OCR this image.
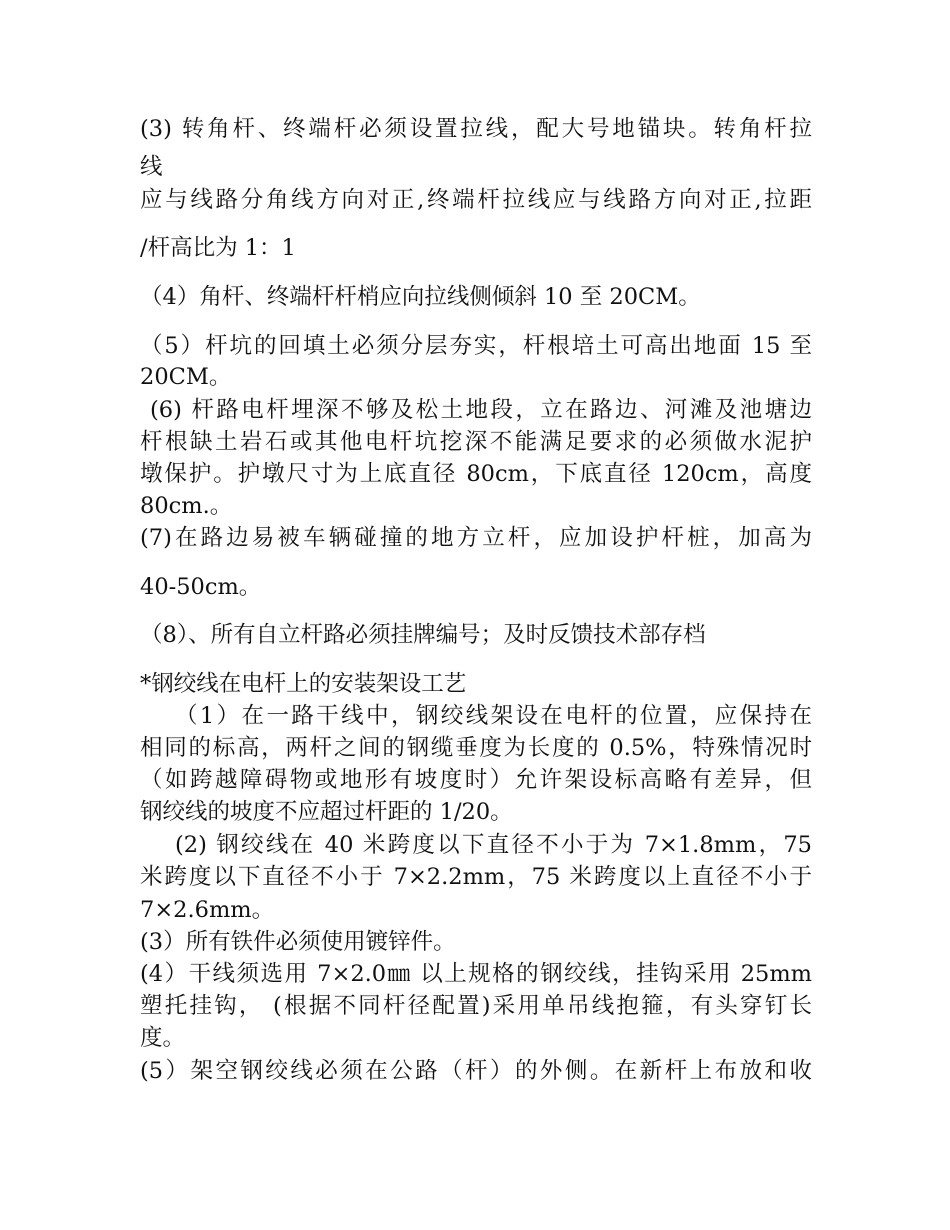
(3) 转角杆、终端杆必须设置拉线，配大号地锚块。转角杆拉

线

应与线路分角线方向对正,终端杆拉线应与线路方向对正,拉距

/杆高比为 1：1

（4）角杆、终端杆杆梢应向拉线侧倾斜 10 至 20CM。

（5）杆坑的回填土必须分层夯实，杆根培土可高出地面 15 至

20CM。

(6) 杆路电杆埋深不够及松土地段，立在路边、河滩及池塘边

杆根缺土岩石或其他电杆坑挖深不能满足要求的必须做水泥护

墩保护。护墩尺寸为上底直径 80cm，下底直径 120cm，高度

80cm.。

(7)在路边易被车辆碰撞的地方立杆，应加设护杆桩，加高为

40-50cm。

（8）、所有自立杆路必须挂牌编号；及时反馈技术部存档

*钢绞线在电杆上的安装架设工艺

（1）在一路干线中，钢绞线架设在电杆的位置，应保持在

相同的标高，两杆之间的钢缆垂度为长度的 0.5%，特殊情况时

（如跨越障碍物或地形有坡度时）允许架设标高略有差异，但

钢绞线的坡度不应超过杆距的 1/20。

(2) 钢绞线在 40 米跨度以下直径不小于为 7×1.8mm，75

米跨度以下直径不小于 7×2.2mm，75 米跨度以上直径不小于

7×2.6mm。

(3）所有铁件必须使用镀锌件。

(4）干线须选用 7×2.0㎜ 以上规格的钢绞线，挂钩采用 25mm

塑托挂钩， (根据不同杆径配置)采用单吊线抱箍，有头穿钉长

度。

(5）架空钢绞线必须在公路（杆）的外侧。在新杆上布放和收
